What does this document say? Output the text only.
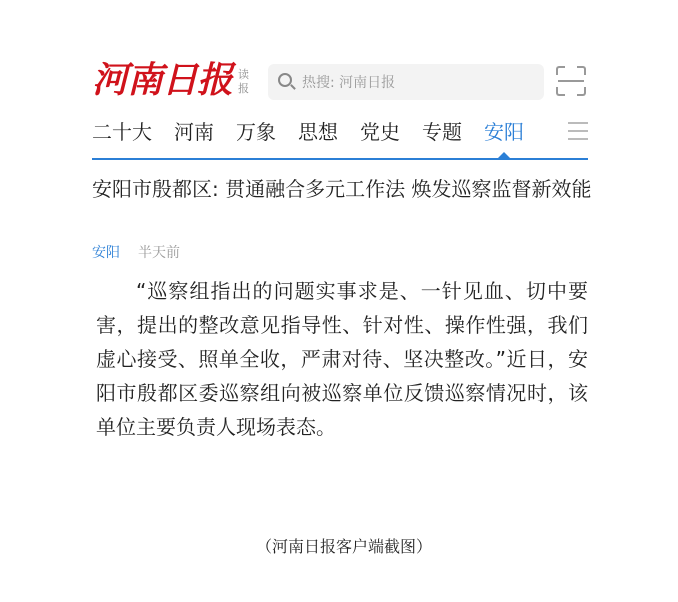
河南日报 读
报	热搜: 河南日报
二十大 河南 万象 思想 党史 专题 安阳
安阳市殷都区: 贯通融合多元工作法 焕发巡察监督新效能
安阳 半天前
“巡察组指出的问题实事求是、一针见血、切中要害，提出的整改意见指导性、针对性、操作性强，我们虚心接受、照单全收，严肃对待、坚决整改。”近日，安阳市殷都区委巡察组向被巡察单位反馈巡察情况时，该单位主要负责人现场表态。
（河南日报客户端截图）
